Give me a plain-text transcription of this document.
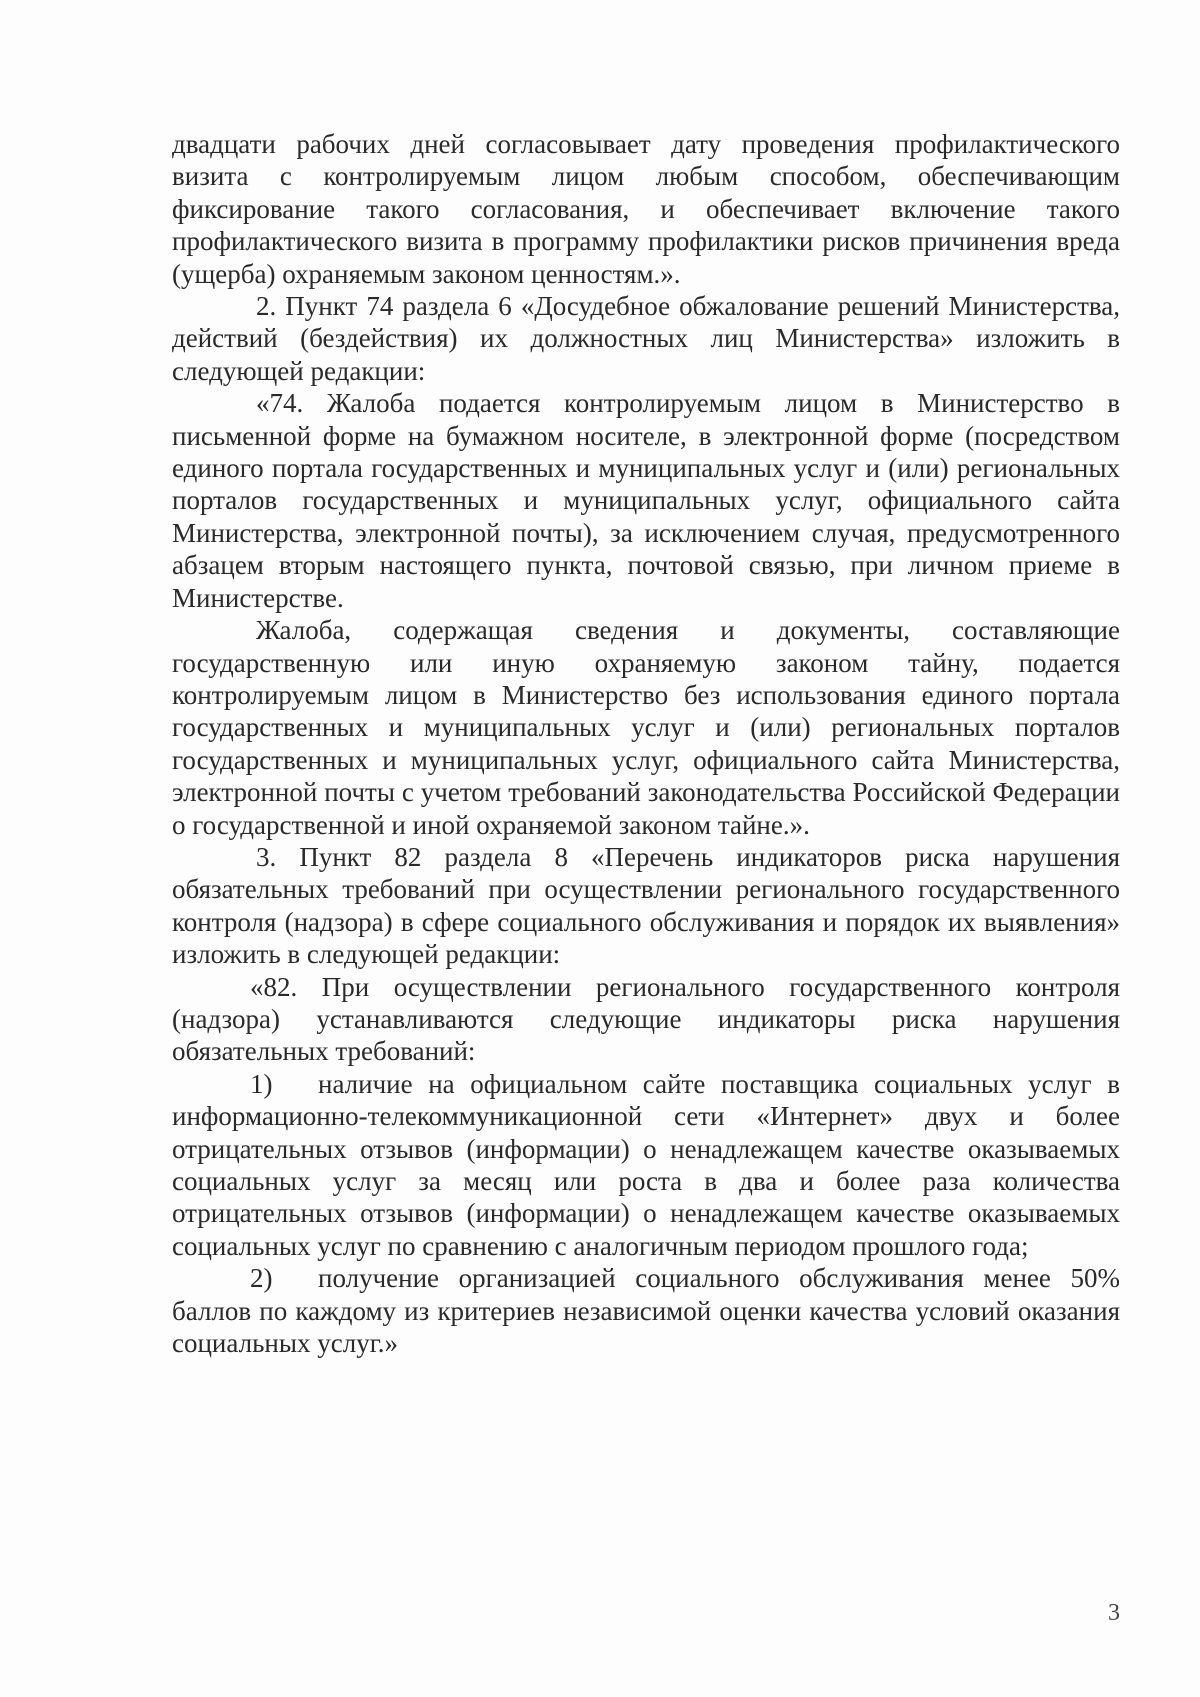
двадцати рабочих дней согласовывает дату проведения профилактического визита с контролируемым лицом любым способом, обеспечивающим фиксирование такого согласования, и обеспечивает включение такого профилактического визита в программу профилактики рисков причинения вреда (ущерба) охраняемым законом ценностям.».

2. Пункт 74 раздела 6 «Досудебное обжалование решений Министерства, действий (бездействия) их должностных лиц Министерства» изложить в следующей редакции:

«74. Жалоба подается контролируемым лицом в Министерство в письменной форме на бумажном носителе, в электронной форме (посредством единого портала государственных и муниципальных услуг и (или) региональных порталов государственных и муниципальных услуг, официального сайта Министерства, электронной почты), за исключением случая, предусмотренного абзацем вторым настоящего пункта, почтовой связью, при личном приеме в Министерстве.

Жалоба, содержащая сведения и документы, составляющие государственную или иную охраняемую законом тайну, подается контролируемым лицом в Министерство без использования единого портала государственных и муниципальных услуг и (или) региональных порталов государственных и муниципальных услуг, официального сайта Министерства, электронной почты с учетом требований законодательства Российской Федерации о государственной и иной охраняемой законом тайне.».

3. Пункт 82 раздела 8 «Перечень индикаторов риска нарушения обязательных требований при осуществлении регионального государственного контроля (надзора) в сфере социального обслуживания и порядок их выявления» изложить в следующей редакции:

«82. При осуществлении регионального государственного контроля (надзора) устанавливаются следующие индикаторы риска нарушения обязательных требований:

1) наличие на официальном сайте поставщика социальных услуг в информационно-телекоммуникационной сети «Интернет» двух и более отрицательных отзывов (информации) о ненадлежащем качестве оказываемых социальных услуг за месяц или роста в два и более раза количества отрицательных отзывов (информации) о ненадлежащем качестве оказываемых социальных услуг по сравнению с аналогичным периодом прошлого года;

2) получение организацией социального обслуживания менее 50% баллов по каждому из критериев независимой оценки качества условий оказания социальных услуг.»

3
